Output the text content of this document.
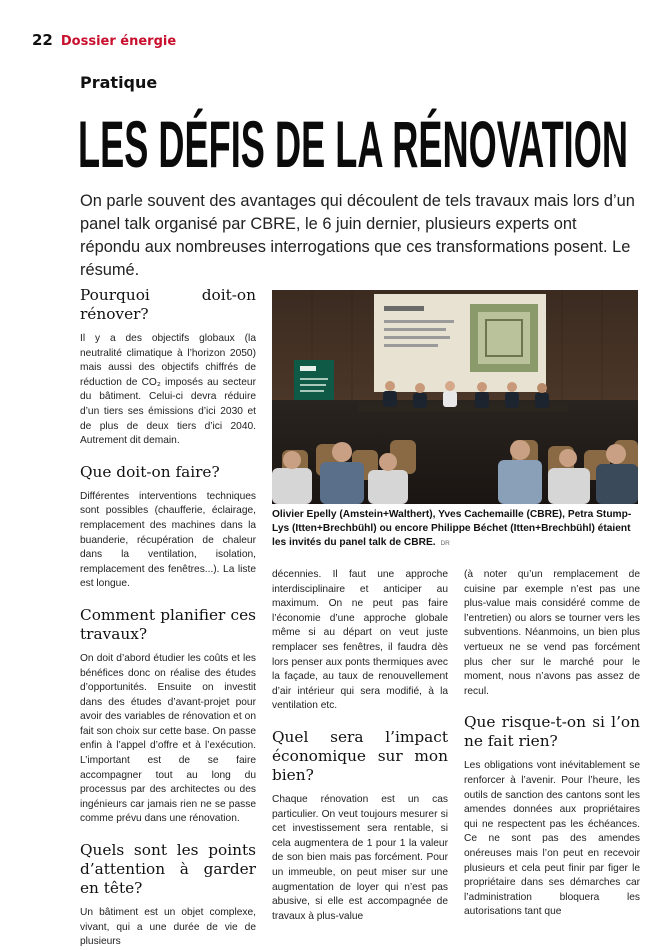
22 Dossier énergie
Pratique
LES DÉFIS DE LA RÉNOVATION
On parle souvent des avantages qui découlent de tels travaux mais lors d’un panel talk organisé par CBRE, le 6 juin dernier, plusieurs experts ont répondu aux nombreuses interrogations que ces transformations posent. Le résumé.
Pourquoi doit-on rénover?

Il y a des objectifs globaux (la neutralité climatique à l’horizon 2050) mais aussi des objectifs chiffrés de réduction de CO₂ imposés au secteur du bâtiment. Celui-ci devra réduire d’un tiers ses émissions d’ici 2030 et de plus de deux tiers d’ici 2040. Autrement dit demain.

Que doit-on faire?

Différentes interventions techniques sont possibles (chaufferie, éclairage, remplacement des machines dans la buanderie, récupération de chaleur dans la ventilation, isolation, remplacement des fenêtres...). La liste est longue.

Comment planifier ces travaux?

On doit d’abord étudier les coûts et les bénéfices donc on réalise des études d’opportunités. Ensuite on investit dans des études d’avant-projet pour avoir des variables de rénovation et on fait son choix sur cette base. On passe enfin à l’appel d’offre et à l’exécution. L’important est de se faire accompagner tout au long du processus par des architectes ou des ingénieurs car jamais rien ne se passe comme prévu dans une rénovation.

Quels sont les points d’attention à garder en tête?

Un bâtiment est un objet complexe, vivant, qui a une durée de vie de plusieurs

Olivier Epelly (Amstein+Walthert), Yves Cachemaille (CBRE), Petra Stump-Lys (Itten+Brechbühl) ou encore Philippe Béchet (Itten+Brechbühl) étaient les invités du panel talk de CBRE. DR

décennies. Il faut une approche interdisciplinaire et anticiper au maximum. On ne peut pas faire l’économie d’une approche globale même si au départ on veut juste remplacer ses fenêtres, il faudra dès lors penser aux ponts thermiques avec la façade, au taux de renouvellement d’air intérieur qui sera modifié, à la ventilation etc.

Quel sera l’impact économique sur mon bien?

Chaque rénovation est un cas particulier. On veut toujours mesurer si cet investissement sera rentable, si cela augmentera de 1 pour 1 la valeur de son bien mais pas forcément. Pour un immeuble, on peut miser sur une augmentation de loyer qui n’est pas abusive, si elle est accompagnée de travaux à plus-value

(à noter qu’un remplacement de cuisine par exemple n’est pas une plus-value mais considéré comme de l’entretien) ou alors se tourner vers les subventions. Néanmoins, un bien plus vertueux ne se vend pas forcément plus cher sur le marché pour le moment, nous n’avons pas assez de recul.

Que risque-t-on si l’on ne fait rien?

Les obligations vont inévitablement se renforcer à l’avenir. Pour l’heure, les outils de sanction des cantons sont les amendes données aux propriétaires qui ne respectent pas les échéances. Ce ne sont pas des amendes onéreuses mais l’on peut en recevoir plusieurs et cela peut finir par figer le propriétaire dans ses démarches car l’administration bloquera les autorisations tant que
